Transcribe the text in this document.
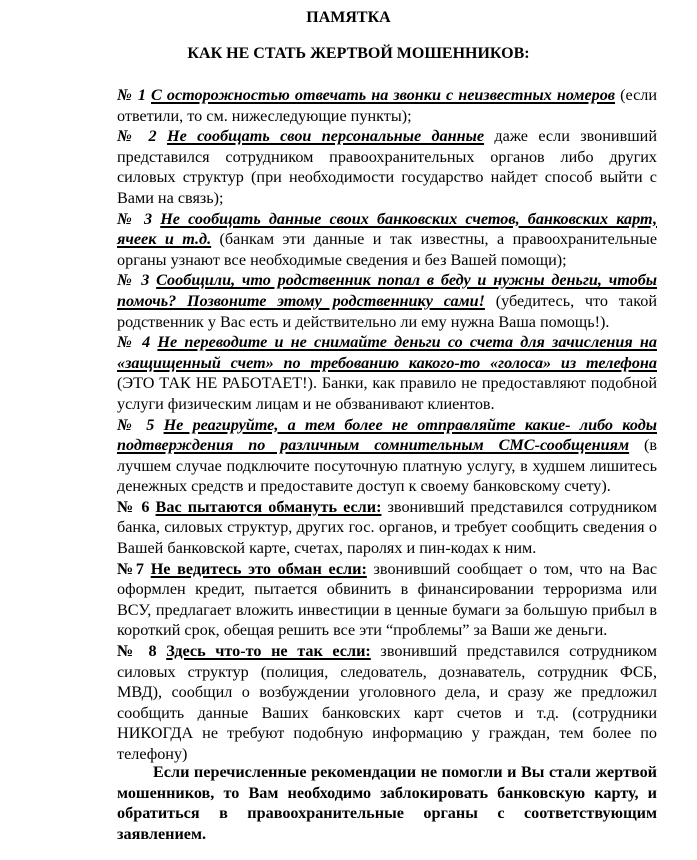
ПАМЯТКА
КАК НЕ СТАТЬ ЖЕРТВОЙ МОШЕННИКОВ:

№ 1 С осторожностью отвечать на звонки с неизвестных номеров (если ответили, то см. нижеследующие пункты);

№ 2 Не сообщать свои персональные данные даже если звонивший представился сотрудником правоохранительных органов либо других силовых структур (при необходимости государство найдет способ выйти с Вами на связь);

№ 3 Не сообщать данные своих банковских счетов, банковских карт, ячеек и т.д. (банкам эти данные и так известны, а правоохранительные органы узнают все необходимые сведения и без Вашей помощи);

№ 3 Сообщили, что родственник попал в беду и нужны деньги, чтобы помочь? Позвоните этому родственнику сами! (убедитесь, что такой родственник у Вас есть и действительно ли ему нужна Ваша помощь!).

№ 4 Не переводите и не снимайте деньги со счета для зачисления на «защищенный счет» по требованию какого-то «голоса» из телефона (ЭТО ТАК НЕ РАБОТАЕТ!). Банки, как правило не предоставляют подобной услуги физическим лицам и не обзванивают клиентов.

№ 5 Не реагируйте, а тем более не отправляйте какие- либо коды подтверждения по различным сомнительным СМС-сообщениям (в лучшем случае подключите посуточную платную услугу, в худшем лишитесь денежных средств и предоставите доступ к своему банковскому счету).

№ 6 Вас пытаются обмануть если: звонивший представился сотрудником банка, силовых структур, других гос. органов, и требует сообщить сведения о Вашей банковской карте, счетах, паролях и пин-кодах к ним.

№7 Не ведитесь это обман если: звонивший сообщает о том, что на Вас оформлен кредит, пытается обвинить в финансировании терроризма или ВСУ, предлагает вложить инвестиции в ценные бумаги за большую прибыл в короткий срок, обещая решить все эти “проблемы” за Ваши же деньги.

№ 8 Здесь что-то не так если: звонивший представился сотрудником силовых структур (полиция, следователь, дознаватель, сотрудник ФСБ, МВД), сообщил о возбуждении уголовного дела, и сразу же предложил сообщить данные Ваших банковских карт счетов и т.д. (сотрудники НИКОГДА не требуют подобную информацию у граждан, тем более по телефону)

Если перечисленные рекомендации не помогли и Вы стали жертвой мошенников, то Вам необходимо заблокировать банковскую карту, и обратиться в правоохранительные органы с соответствующим заявлением.
